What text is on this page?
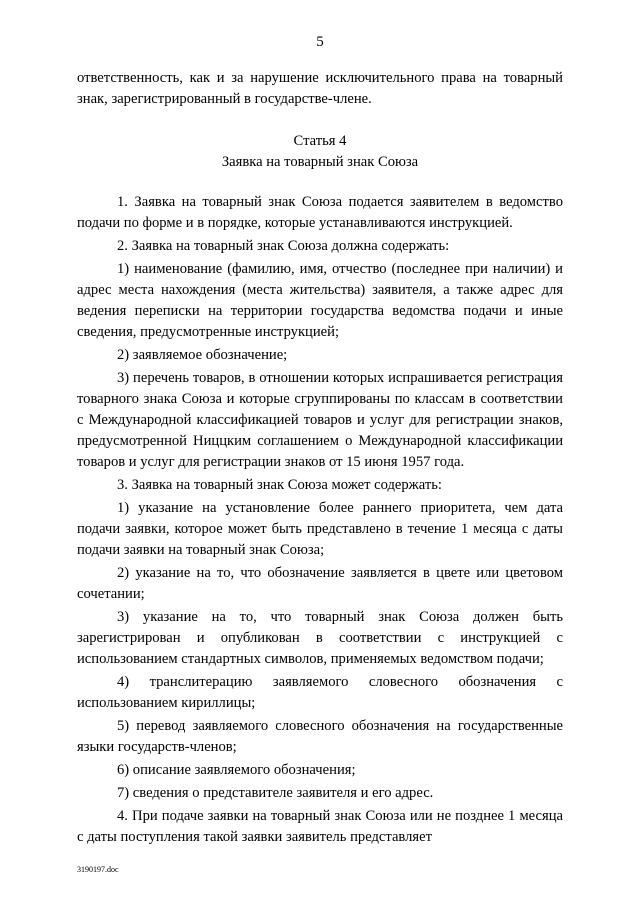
5

ответственность, как и за нарушение исключительного права на товарный знак, зарегистрированный в государстве-члене.

Статья 4

Заявка на товарный знак Союза

1. Заявка на товарный знак Союза подается заявителем в ведомство подачи по форме и в порядке, которые устанавливаются инструкцией.

2. Заявка на товарный знак Союза должна содержать:

1) наименование (фамилию, имя, отчество (последнее при наличии) и адрес места нахождения (места жительства) заявителя, а также адрес для ведения переписки на территории государства ведомства подачи и иные сведения, предусмотренные инструкцией;

2) заявляемое обозначение;

3) перечень товаров, в отношении которых испрашивается регистрация товарного знака Союза и которые сгруппированы по классам в соответствии с Международной классификацией товаров и услуг для регистрации знаков, предусмотренной Ниццким соглашением о Международной классификации товаров и услуг для регистрации знаков от 15 июня 1957 года.

3. Заявка на товарный знак Союза может содержать:

1) указание на установление более раннего приоритета, чем дата подачи заявки, которое может быть представлено в течение 1 месяца с даты подачи заявки на товарный знак Союза;

2) указание на то, что обозначение заявляется в цвете или цветовом сочетании;

3) указание на то, что товарный знак Союза должен быть зарегистрирован и опубликован в соответствии с инструкцией с использованием стандартных символов, применяемых ведомством подачи;

4) транслитерацию заявляемого словесного обозначения с использованием кириллицы;

5) перевод заявляемого словесного обозначения на государственные языки государств-членов;

6) описание заявляемого обозначения;

7) сведения о представителе заявителя и его адрес.

4. При подаче заявки на товарный знак Союза или не позднее 1 месяца с даты поступления такой заявки заявитель представляет

3190197.doc
